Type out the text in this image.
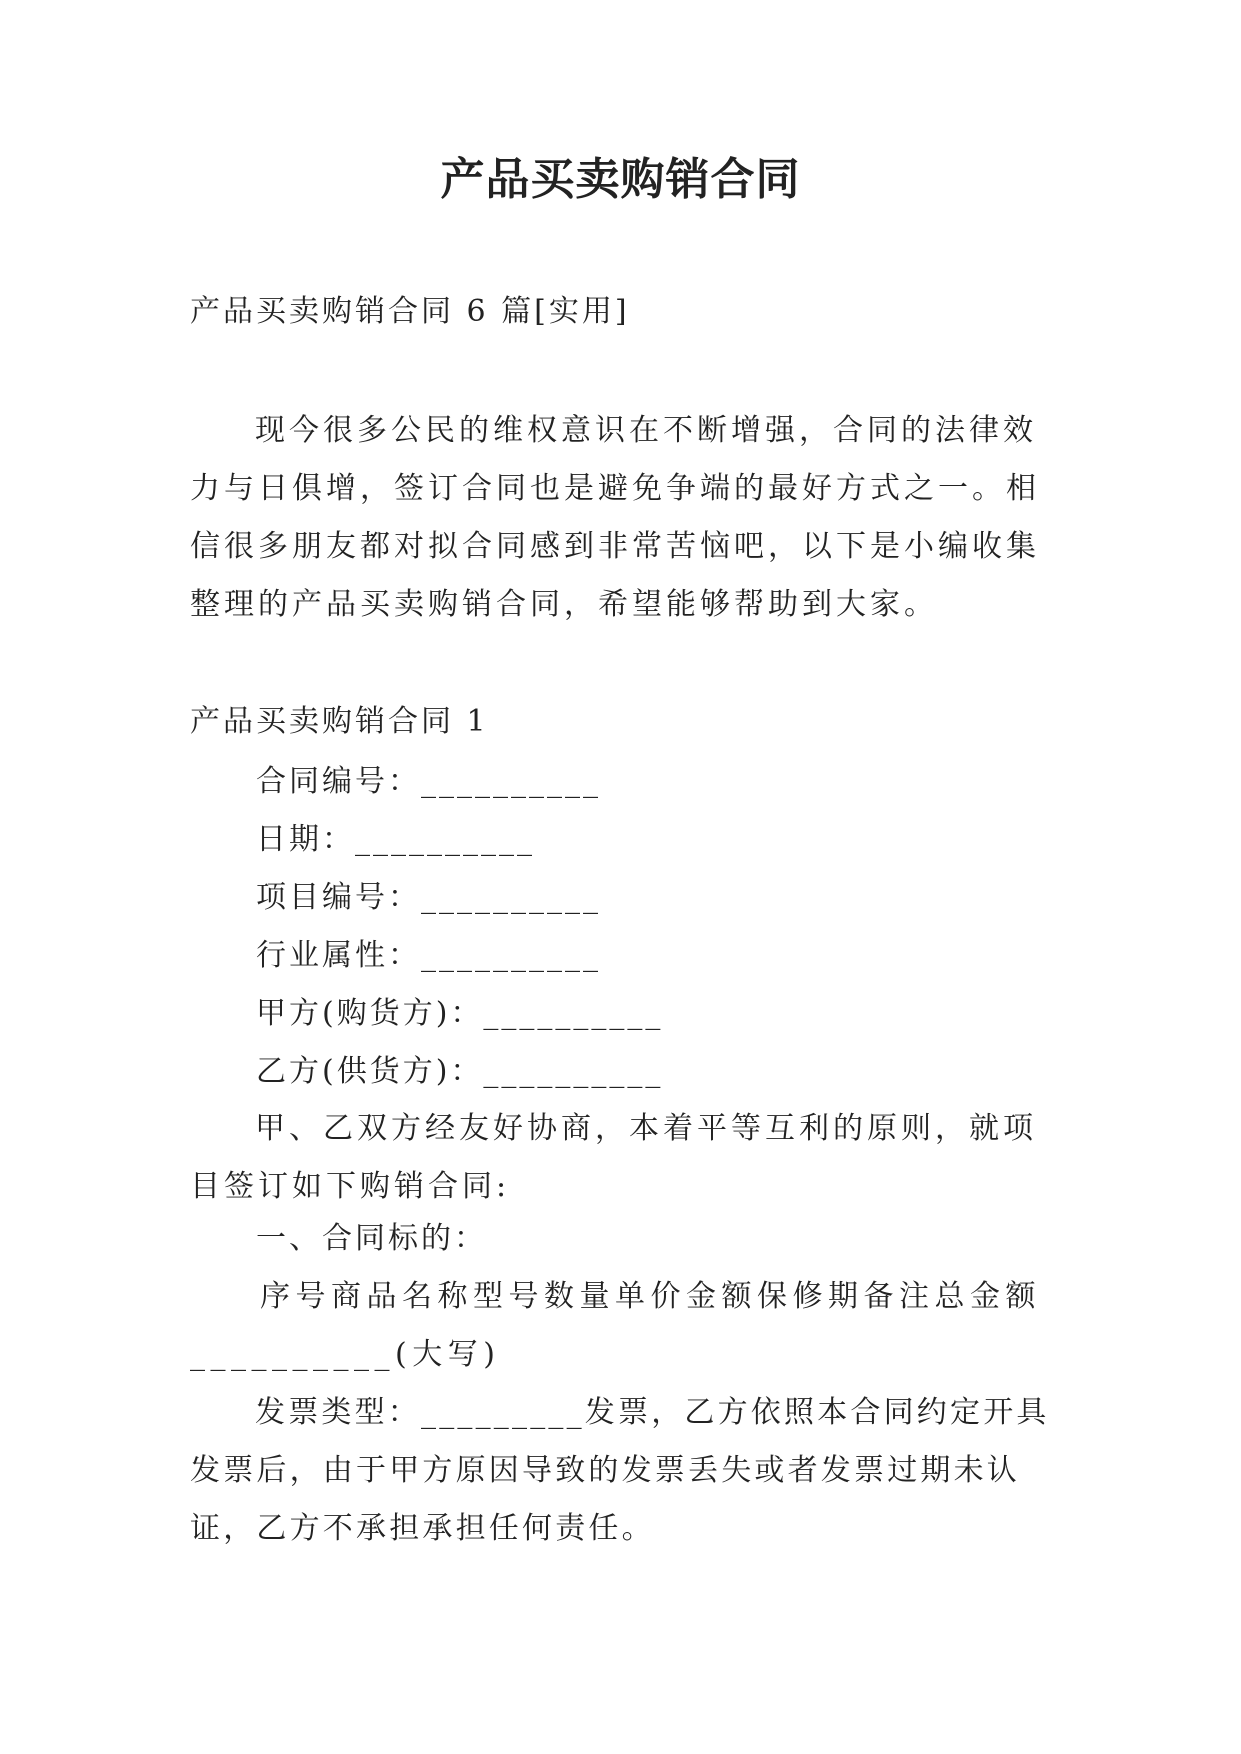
产品买卖购销合同

产品买卖购销合同 6 篇[实用]

现今很多公民的维权意识在不断增强，合同的法律效力与日俱增，签订合同也是避免争端的最好方式之一。相信很多朋友都对拟合同感到非常苦恼吧，以下是小编收集整理的产品买卖购销合同，希望能够帮助到大家。

产品买卖购销合同 1

合同编号：__________

日期：__________

项目编号：__________

行业属性：__________

甲方(购货方)：__________

乙方(供货方)：__________

甲、乙双方经友好协商，本着平等互利的原则，就项目签订如下购销合同:

一、合同标的：

序号商品名称型号数量单价金额保修期备注总金额__________(大写)

发票类型：_________发票，乙方依照本合同约定开具发票后，由于甲方原因导致的发票丢失或者发票过期未认证，乙方不承担承担任何责任。
